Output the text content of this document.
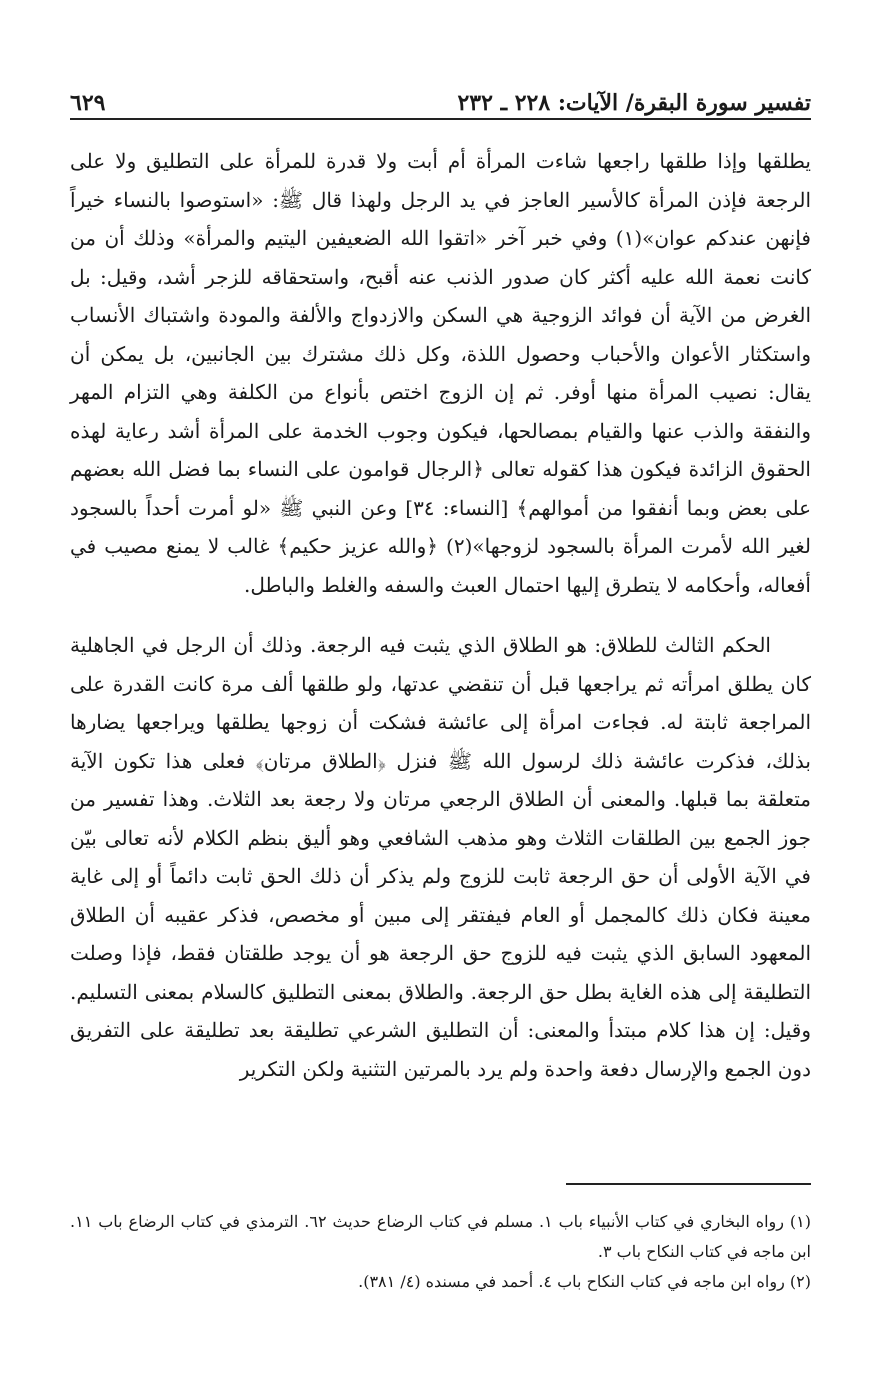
تفسير سورة البقرة/ الآيات: ٢٢٨ ـ ٢٣٢
٦٢٩

يطلقها وإذا طلقها راجعها شاءت المرأة أم أبت ولا قدرة للمرأة على التطليق ولا على الرجعة فإذن المرأة كالأسير العاجز في يد الرجل ولهذا قال ﷺ: «استوصوا بالنساء خيراً فإنهن عندكم عوان»(١) وفي خبر آخر «اتقوا الله الضعيفين اليتيم والمرأة» وذلك أن من كانت نعمة الله عليه أكثر كان صدور الذنب عنه أقبح، واستحقاقه للزجر أشد، وقيل: بل الغرض من الآية أن فوائد الزوجية هي السكن والازدواج والألفة والمودة واشتباك الأنساب واستكثار الأعوان والأحباب وحصول اللذة، وكل ذلك مشترك بين الجانبين، بل يمكن أن يقال: نصيب المرأة منها أوفر. ثم إن الزوج اختص بأنواع من الكلفة وهي التزام المهر والنفقة والذب عنها والقيام بمصالحها، فيكون وجوب الخدمة على المرأة أشد رعاية لهذه الحقوق الزائدة فيكون هذا كقوله تعالى ﴿الرجال قوامون على النساء بما فضل الله بعضهم على بعض وبما أنفقوا من أموالهم﴾ [النساء: ٣٤] وعن النبي ﷺ «لو أمرت أحداً بالسجود لغير الله لأمرت المرأة بالسجود لزوجها»(٢) ﴿والله عزيز حكيم﴾ غالب لا يمنع مصيب في أفعاله، وأحكامه لا يتطرق إليها احتمال العبث والسفه والغلط والباطل.

الحكم الثالث للطلاق: هو الطلاق الذي يثبت فيه الرجعة. وذلك أن الرجل في الجاهلية كان يطلق امرأته ثم يراجعها قبل أن تنقضي عدتها، ولو طلقها ألف مرة كانت القدرة على المراجعة ثابتة له. فجاءت امرأة إلى عائشة فشكت أن زوجها يطلقها ويراجعها يضارها بذلك، فذكرت عائشة ذلك لرسول الله ﷺ فنزل ﴿الطلاق مرتان﴾ فعلى هذا تكون الآية متعلقة بما قبلها. والمعنى أن الطلاق الرجعي مرتان ولا رجعة بعد الثلاث. وهذا تفسير من جوز الجمع بين الطلقات الثلاث وهو مذهب الشافعي وهو أليق بنظم الكلام لأنه تعالى بيّن في الآية الأولى أن حق الرجعة ثابت للزوج ولم يذكر أن ذلك الحق ثابت دائماً أو إلى غاية معينة فكان ذلك كالمجمل أو العام فيفتقر إلى مبين أو مخصص، فذكر عقيبه أن الطلاق المعهود السابق الذي يثبت فيه للزوج حق الرجعة هو أن يوجد طلقتان فقط، فإذا وصلت التطليقة إلى هذه الغاية بطل حق الرجعة. والطلاق بمعنى التطليق كالسلام بمعنى التسليم. وقيل: إن هذا كلام مبتدأ والمعنى: أن التطليق الشرعي تطليقة بعد تطليقة على التفريق دون الجمع والإرسال دفعة واحدة ولم يرد بالمرتين التثنية ولكن التكرير

(١) رواه البخاري في كتاب الأنبياء باب ١. مسلم في كتاب الرضاع حديث ٦٢. الترمذي في كتاب الرضاع باب ١١. ابن ماجه في كتاب النكاح باب ٣.

(٢) رواه ابن ماجه في كتاب النكاح باب ٤. أحمد في مسنده (٤/ ٣٨١).
